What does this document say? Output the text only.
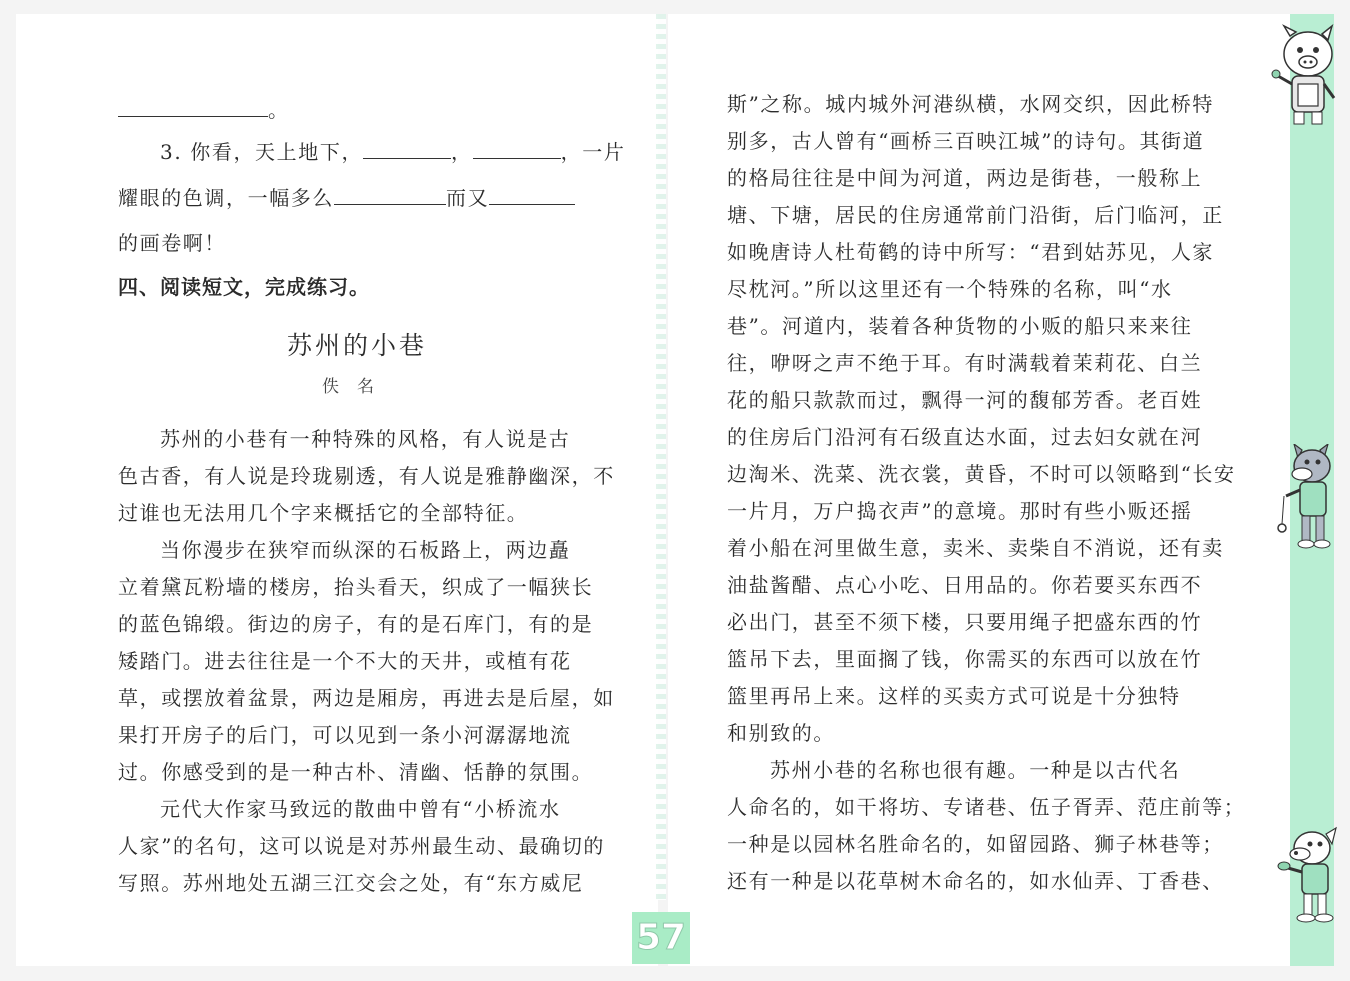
。
3. 你看，天上地下，	，	，一片
耀眼的色调，一幅多么	而又
的画卷啊！
四、阅读短文，完成练习。
苏州的小巷
佚名
苏州的小巷有一种特殊的风格，有人说是古
色古香，有人说是玲珑剔透，有人说是雅静幽深，不
过谁也无法用几个字来概括它的全部特征。
当你漫步在狭窄而纵深的石板路上，两边矗
立着黛瓦粉墙的楼房，抬头看天，织成了一幅狭长
的蓝色锦缎。街边的房子，有的是石库门，有的是
矮踏门。进去往往是一个不大的天井，或植有花
草，或摆放着盆景，两边是厢房，再进去是后屋，如
果打开房子的后门，可以见到一条小河潺潺地流
过。你感受到的是一种古朴、清幽、恬静的氛围。
元代大作家马致远的散曲中曾有“小桥流水
人家”的名句，这可以说是对苏州最生动、最确切的
写照。苏州地处五湖三江交会之处，有“东方威尼
斯”之称。城内城外河港纵横，水网交织，因此桥特
别多，古人曾有“画桥三百映江城”的诗句。其街道
的格局往往是中间为河道，两边是街巷，一般称上
塘、下塘，居民的住房通常前门沿街，后门临河，正
如晚唐诗人杜荀鹤的诗中所写：“君到姑苏见，人家
尽枕河。”所以这里还有一个特殊的名称，叫“水
巷”。河道内，装着各种货物的小贩的船只来来往
往，咿呀之声不绝于耳。有时满载着茉莉花、白兰
花的船只款款而过，飘得一河的馥郁芳香。老百姓
的住房后门沿河有石级直达水面，过去妇女就在河
边淘米、洗菜、洗衣裳，黄昏，不时可以领略到“长安
一片月，万户捣衣声”的意境。那时有些小贩还摇
着小船在河里做生意，卖米、卖柴自不消说，还有卖
油盐酱醋、点心小吃、日用品的。你若要买东西不
必出门，甚至不须下楼，只要用绳子把盛东西的竹
篮吊下去，里面搁了钱，你需买的东西可以放在竹
篮里再吊上来。这样的买卖方式可说是十分独特
和别致的。
苏州小巷的名称也很有趣。一种是以古代名
人命名的，如干将坊、专诸巷、伍子胥弄、范庄前等；
一种是以园林名胜命名的，如留园路、狮子林巷等；
还有一种是以花草树木命名的，如水仙弄、丁香巷、
57
